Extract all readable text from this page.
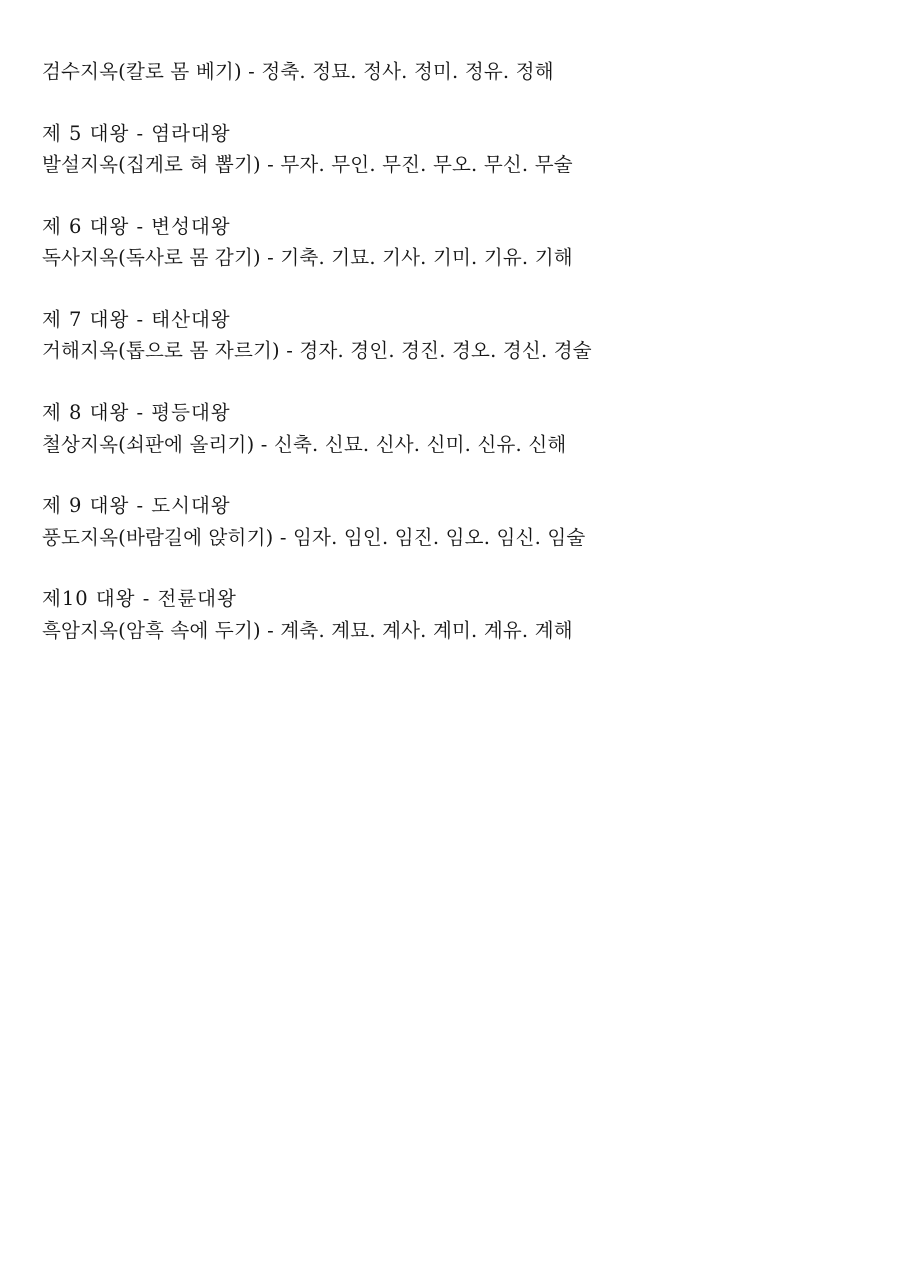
검수지옥(칼로 몸 베기) - 정축. 정묘. 정사. 정미. 정유. 정해
제 5 대왕 - 염라대왕
발설지옥(집게로 혀 뽑기) - 무자. 무인. 무진. 무오. 무신. 무술
제 6 대왕 - 변성대왕
독사지옥(독사로 몸 감기) - 기축. 기묘. 기사. 기미. 기유. 기해
제 7 대왕 - 태산대왕
거해지옥(톱으로 몸 자르기) - 경자. 경인. 경진. 경오. 경신. 경술
제 8 대왕 - 평등대왕
철상지옥(쇠판에 올리기) - 신축. 신묘. 신사. 신미. 신유. 신해
제 9 대왕 - 도시대왕
풍도지옥(바람길에 앉히기) - 임자. 임인. 임진. 임오. 임신. 임술
제10 대왕 - 전륜대왕
흑암지옥(암흑 속에 두기) - 계축. 계묘. 계사. 계미. 계유. 계해
